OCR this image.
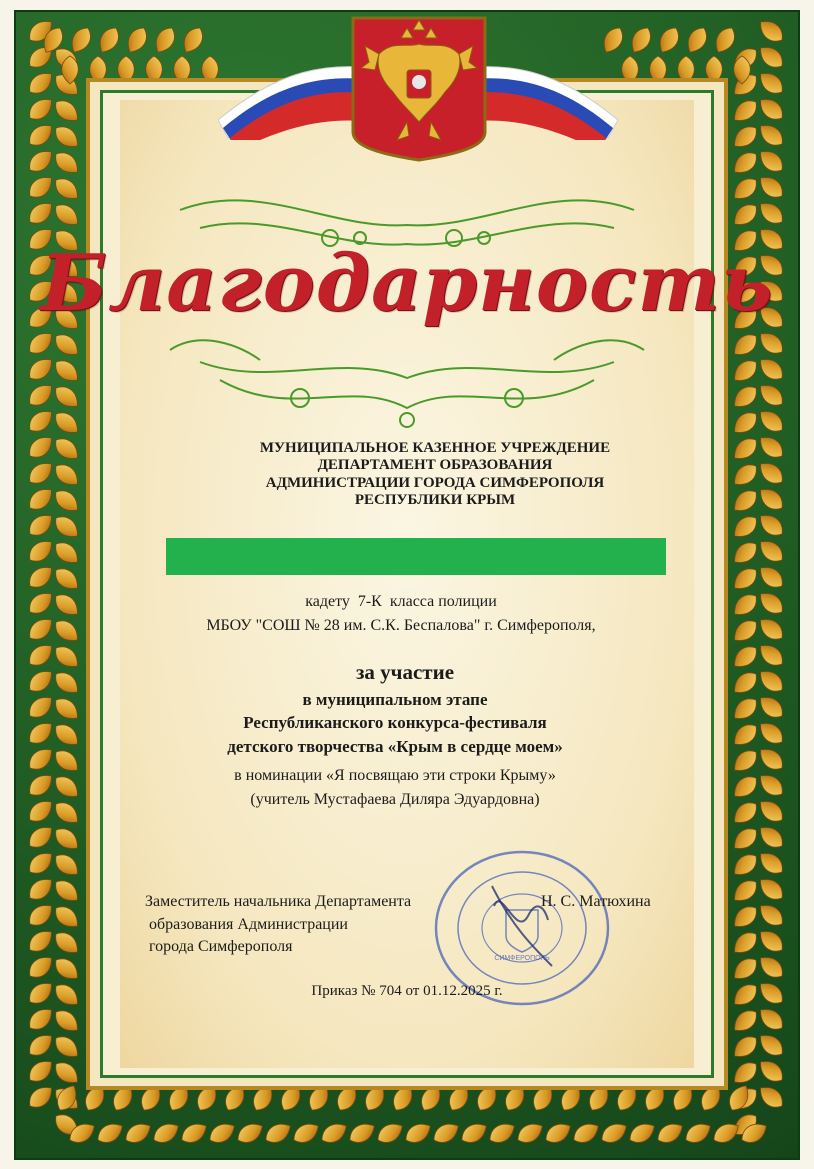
Благодарность
МУНИЦИПАЛЬНОЕ КАЗЕННОЕ УЧРЕЖДЕНИЕ
ДЕПАРТАМЕНТ ОБРАЗОВАНИЯ
АДМИНИСТРАЦИИ ГОРОДА СИМФЕРОПОЛЯ
РЕСПУБЛИКИ КРЫМ
кадету  7-К  класса полиции
МБОУ "СОШ № 28 им. С.К. Беспалова" г. Симферополя,
за участие
в муниципальном этапе
Республиканского конкурса-фестиваля
детского творчества «Крым в сердце моем»
в номинации «Я посвящаю эти строки Крыму»
(учитель Мустафаева Диляра Эдуардовна)
СИМФЕРОПОЛЬ
Заместитель начальника Департамента
образования Администрации
города Симферополя
Н. С. Матюхина
Приказ № 704 от 01.12.2025 г.
